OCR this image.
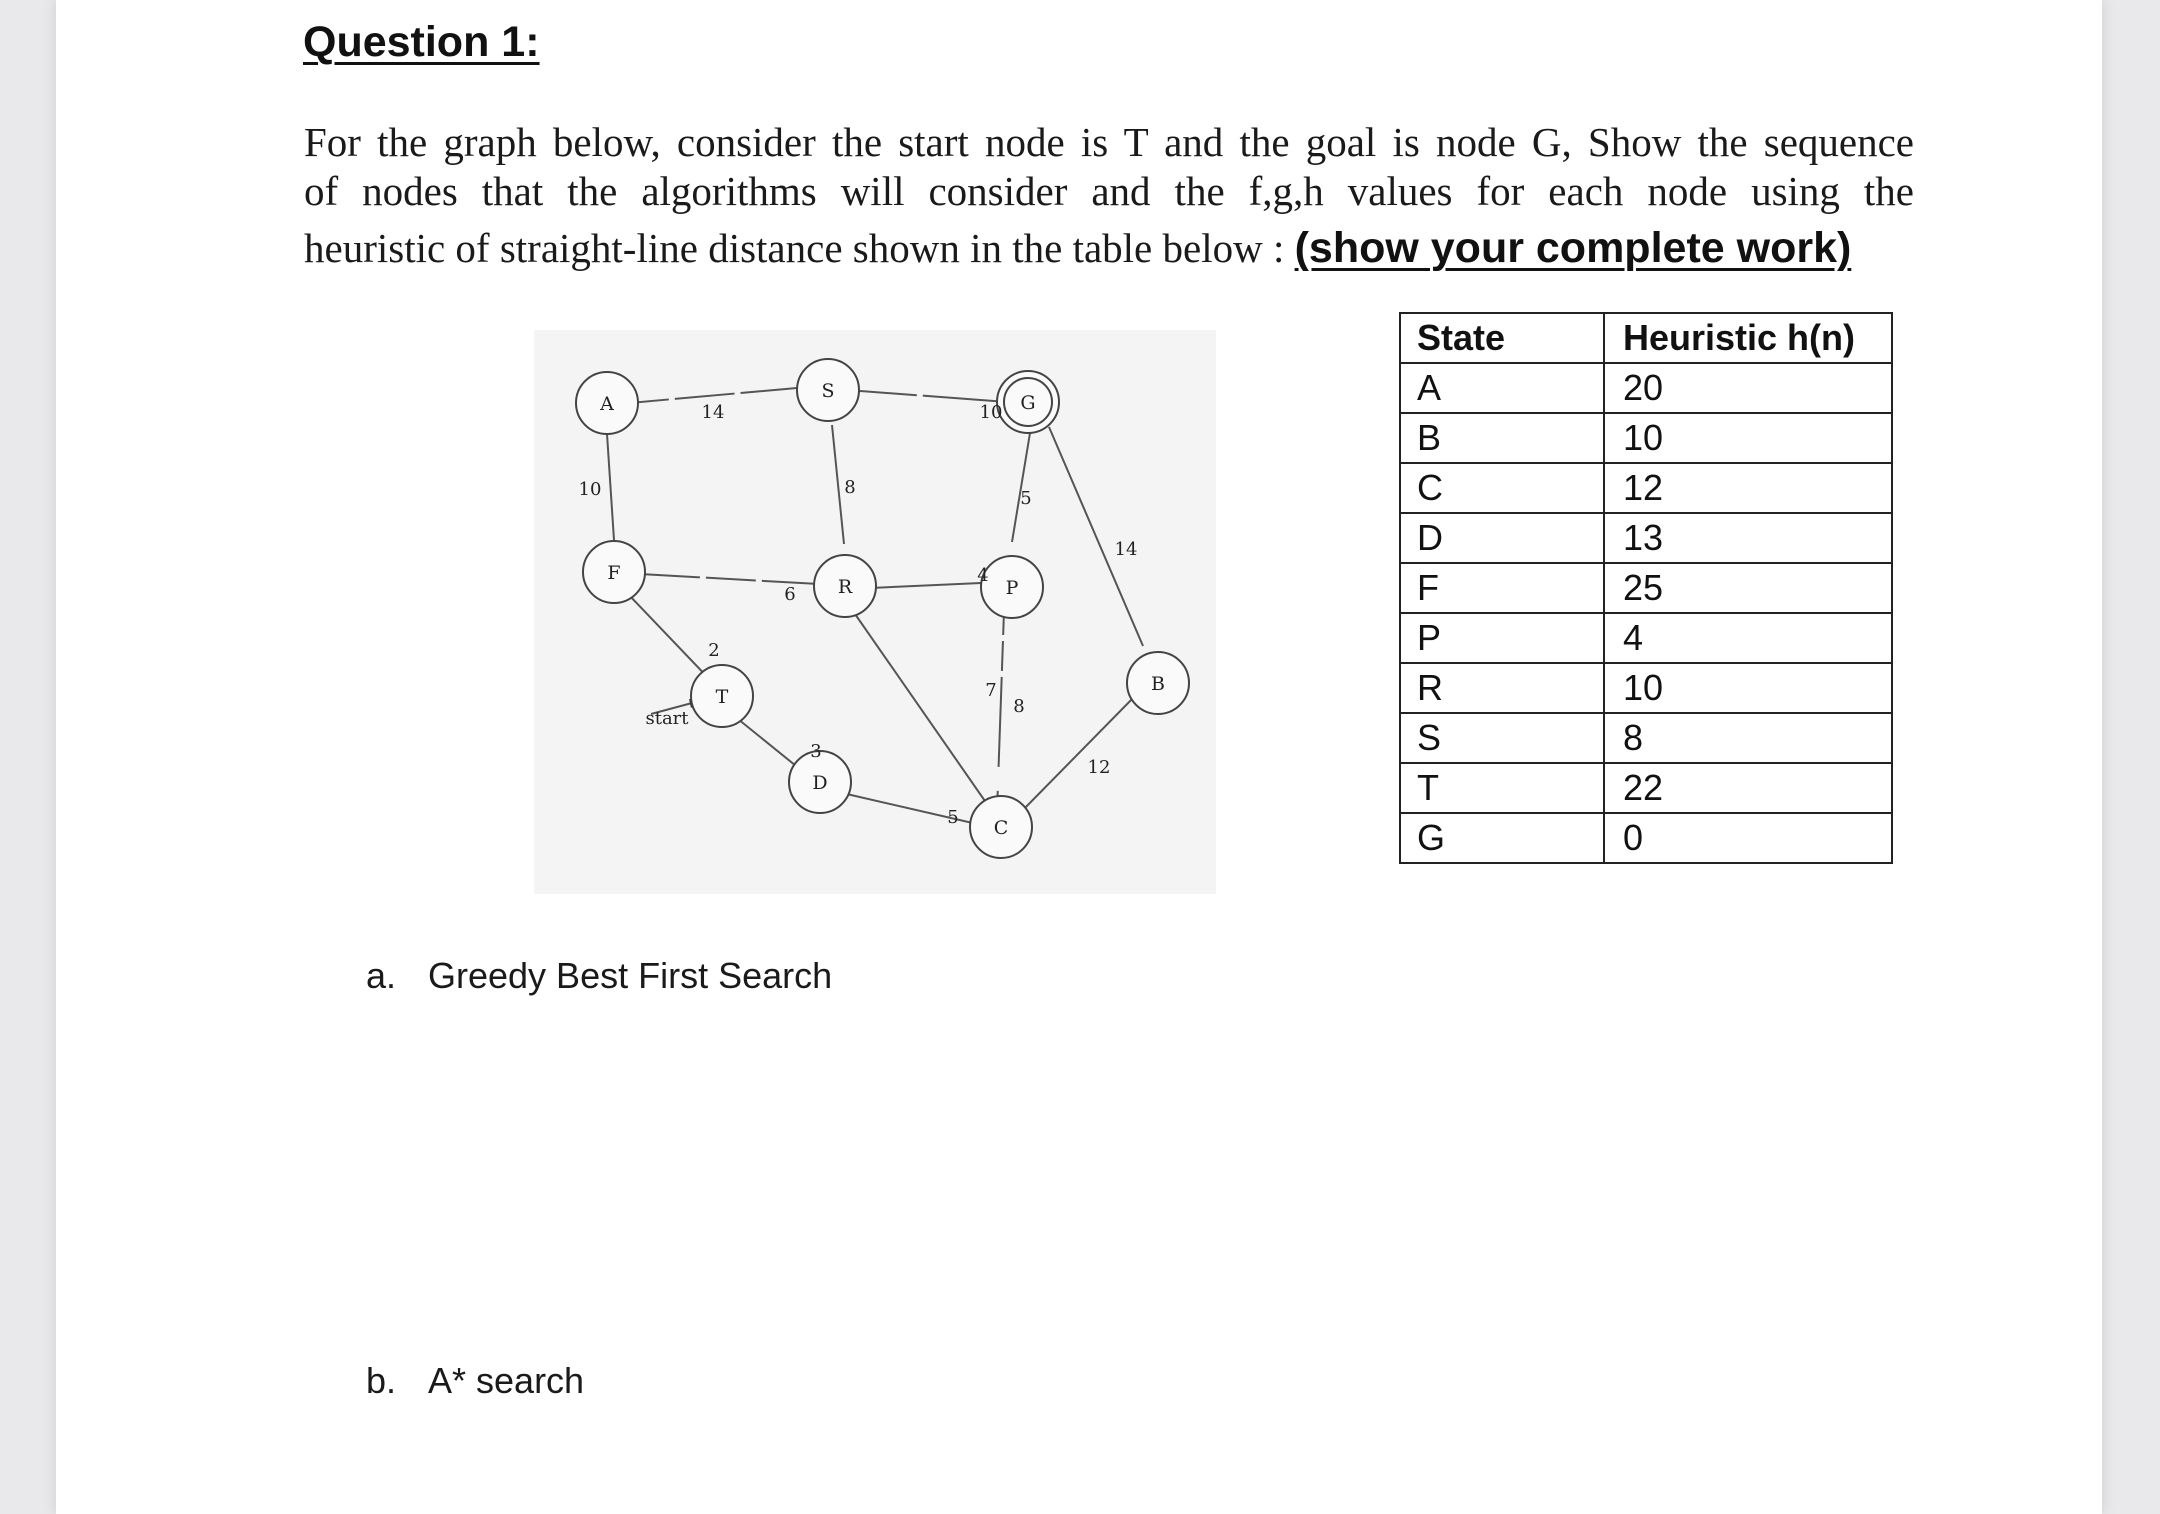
Question 1:
For the graph below, consider the start node is T and the goal is node G, Show the sequence
of nodes that the algorithms will consider and the f,g,h values for each node using the
heuristic of straight-line distance shown in the table below : (show your complete work)
A
S
G
F
R	P
T
B
D
C
14	10
10	8
5
14
6
4
2
3
7
8
5
12
start
State	Heuristic h(n)
A	20
B	10
C	12
D	13
F	25
P	4
R	10
S	8
T	22
G	0
a. Greedy Best First Search
b. A* search
